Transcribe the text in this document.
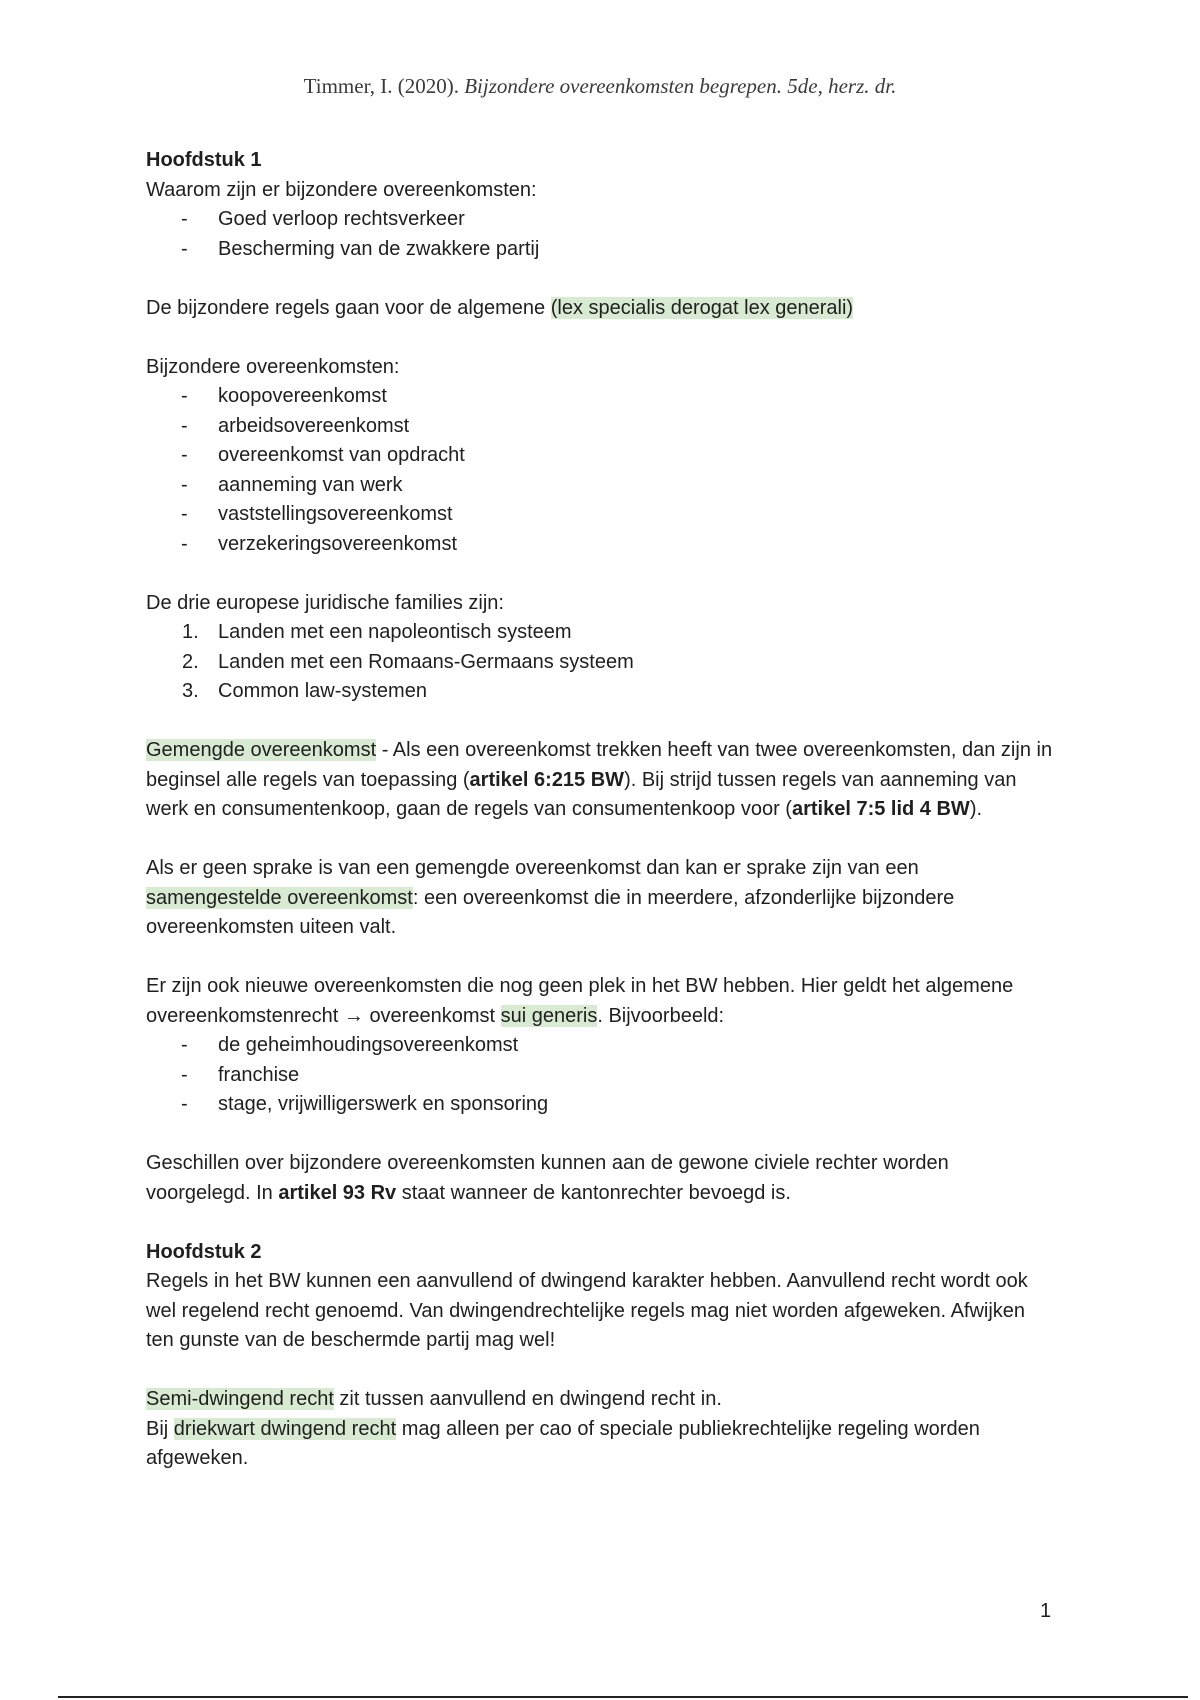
Timmer, I. (2020). Bijzondere overeenkomsten begrepen. 5de, herz. dr.

Hoofdstuk 1

Waarom zijn er bijzondere overeenkomsten:

- Goed verloop rechtsverkeer
- Bescherming van de zwakkere partij

De bijzondere regels gaan voor de algemene (lex specialis derogat lex generali)

Bijzondere overeenkomsten:

- koopovereenkomst
- arbeidsovereenkomst
- overeenkomst van opdracht
- aanneming van werk
- vaststellingsovereenkomst
- verzekeringsovereenkomst

De drie europese juridische families zijn:

1. Landen met een napoleontisch systeem
2. Landen met een Romaans-Germaans systeem
3. Common law-systemen

Gemengde overeenkomst - Als een overeenkomst trekken heeft van twee overeenkomsten, dan zijn in beginsel alle regels van toepassing (artikel 6:215 BW). Bij strijd tussen regels van aanneming van werk en consumentenkoop, gaan de regels van consumentenkoop voor (artikel 7:5 lid 4 BW).

Als er geen sprake is van een gemengde overeenkomst dan kan er sprake zijn van een samengestelde overeenkomst: een overeenkomst die in meerdere, afzonderlijke bijzondere overeenkomsten uiteen valt.

Er zijn ook nieuwe overeenkomsten die nog geen plek in het BW hebben. Hier geldt het algemene overeenkomstenrecht → overeenkomst sui generis. Bijvoorbeeld:

- de geheimhoudingsovereenkomst
- franchise
- stage, vrijwilligerswerk en sponsoring

Geschillen over bijzondere overeenkomsten kunnen aan de gewone civiele rechter worden voorgelegd. In artikel 93 Rv staat wanneer de kantonrechter bevoegd is.

Hoofdstuk 2

Regels in het BW kunnen een aanvullend of dwingend karakter hebben. Aanvullend recht wordt ook wel regelend recht genoemd. Van dwingendrechtelijke regels mag niet worden afgeweken. Afwijken ten gunste van de beschermde partij mag wel!

Semi-dwingend recht zit tussen aanvullend en dwingend recht in.

Bij driekwart dwingend recht mag alleen per cao of speciale publiekrechtelijke regeling worden afgeweken.

1
